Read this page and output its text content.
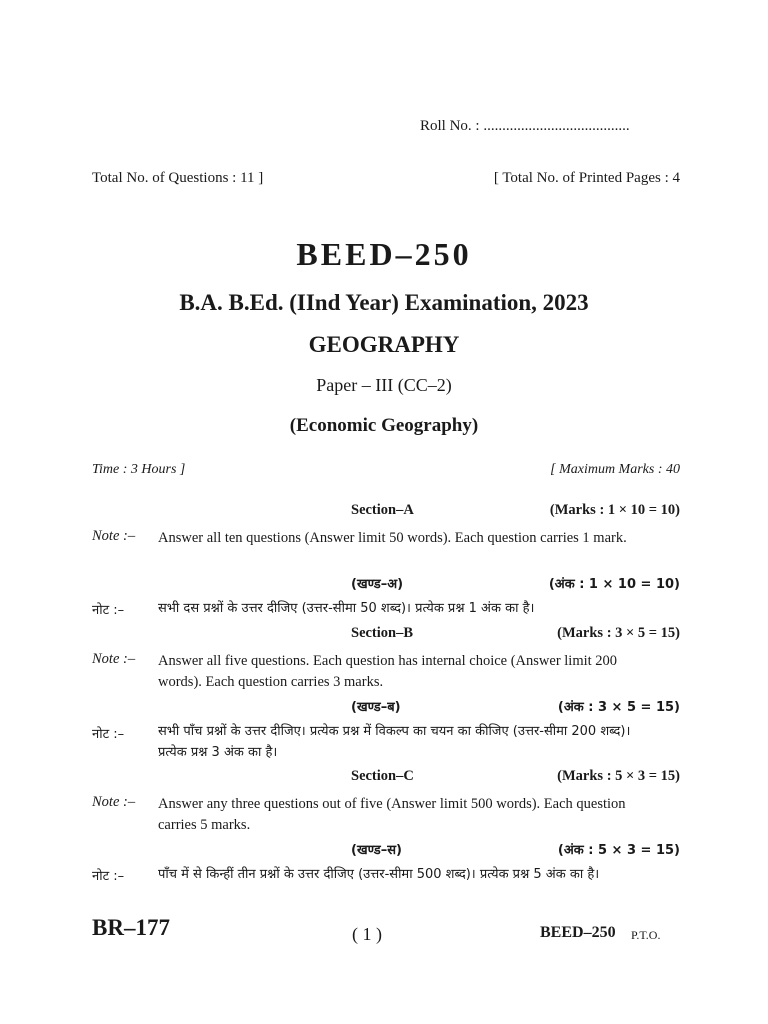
Roll No. : .......................................
Total No. of Questions : 11 ]	[ Total No. of Printed Pages : 4
BEED–250
B.A. B.Ed. (IInd Year) Examination, 2023
GEOGRAPHY
Paper – III (CC–2)
(Economic Geography)
Time : 3 Hours ]	[ Maximum Marks : 40
Section–A	(Marks : 1 × 10 = 10)
Note :– Answer all ten questions (Answer limit 50 words). Each question carries 1 mark.
(खण्ड–अ)	(अंक : 1 × 10 = 10)
नोट :–	सभी दस प्रश्नों के उत्तर दीजिए (उत्तर-सीमा 50 शब्द)। प्रत्येक प्रश्न 1 अंक का है।
Section–B	(Marks : 3 × 5 = 15)
Note :– Answer all five questions. Each question has internal choice (Answer limit 200 words). Each question carries 3 marks.
(खण्ड–ब)	(अंक : 3 × 5 = 15)
नोट :–	सभी पाँच प्रश्नों के उत्तर दीजिए। प्रत्येक प्रश्न में विकल्प का चयन का कीजिए (उत्तर-सीमा 200 शब्द)। प्रत्येक प्रश्न 3 अंक का है।
Section–C	(Marks : 5 × 3 = 15)
Note :– Answer any three questions out of five (Answer limit 500 words). Each question carries 5 marks.
(खण्ड–स)	(अंक : 5 × 3 = 15)
नोट :–	पाँच में से किन्हीं तीन प्रश्नों के उत्तर दीजिए (उत्तर-सीमा 500 शब्द)। प्रत्येक प्रश्न 5 अंक का है।
BR–177	( 1 )	BEED–250 P.T.O.
